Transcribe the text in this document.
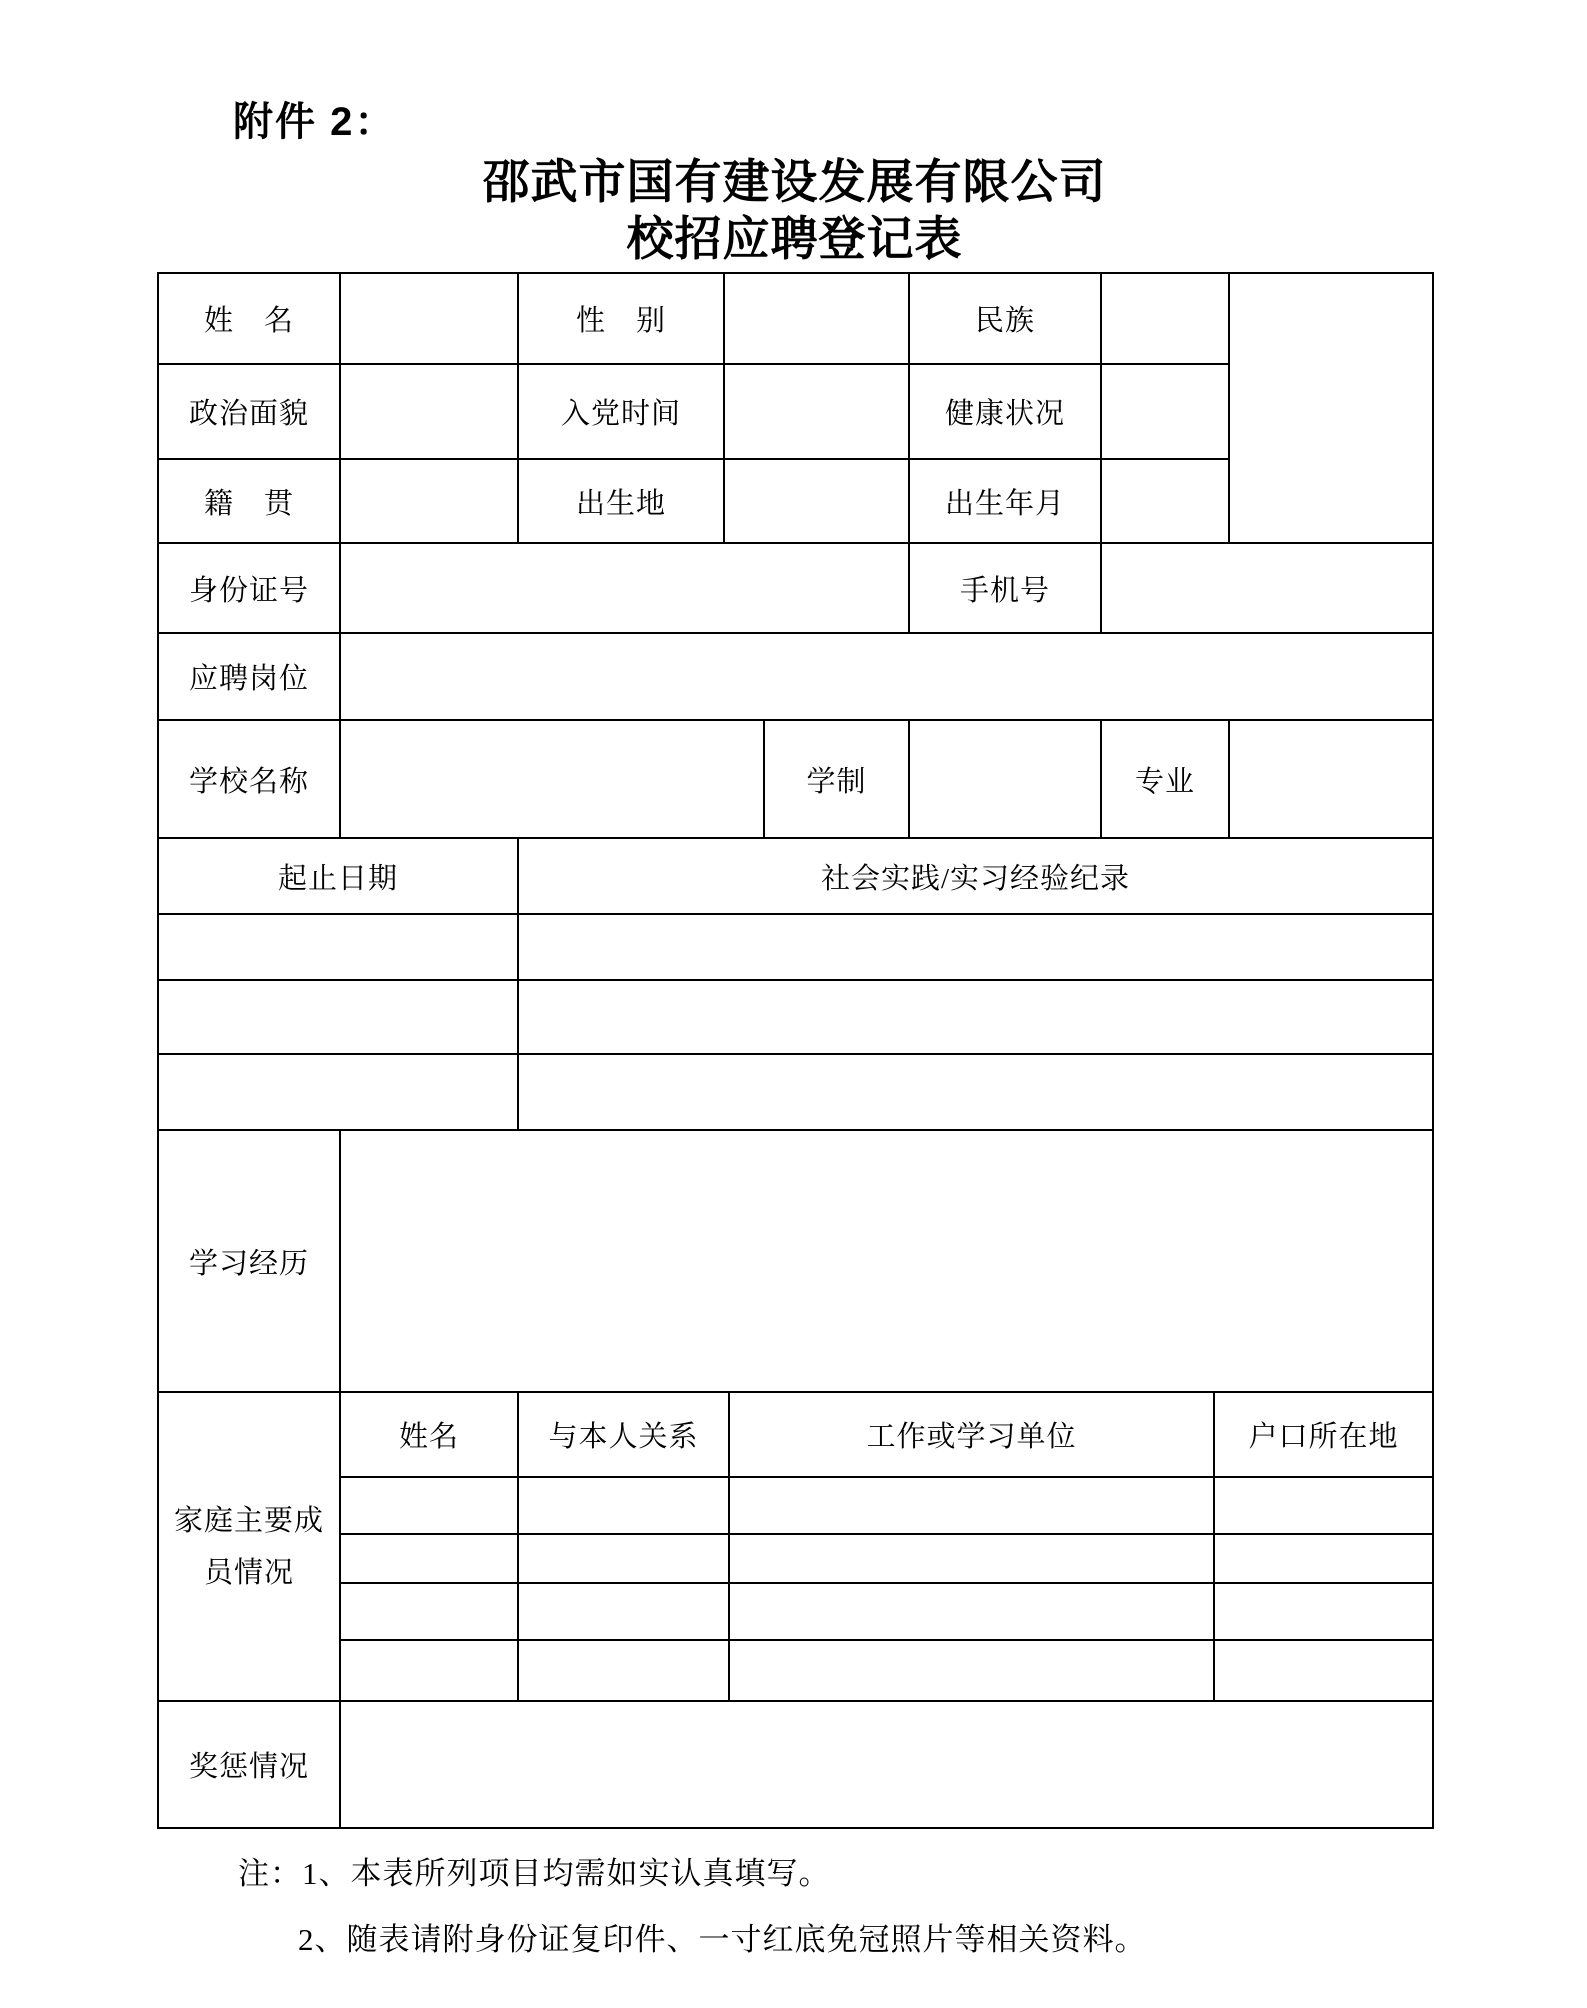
附件 2：
邵武市国有建设发展有限公司
校招应聘登记表
姓　名		性　别				民族			
政治面貌		入党时间				健康状况			
籍　贯		出生地				出生年月			
身份证号						手机号			
应聘岗位									
学校名称					学制		专业		
起止日期		社会实践/实习经验纪录							

学习经历									
家庭主要成员情况	姓名	与本人关系		工作或学习单位				户口所在地	

奖惩情况									
注：1、本表所列项目均需如实认真填写。
2、随表请附身份证复印件、一寸红底免冠照片等相关资料。
